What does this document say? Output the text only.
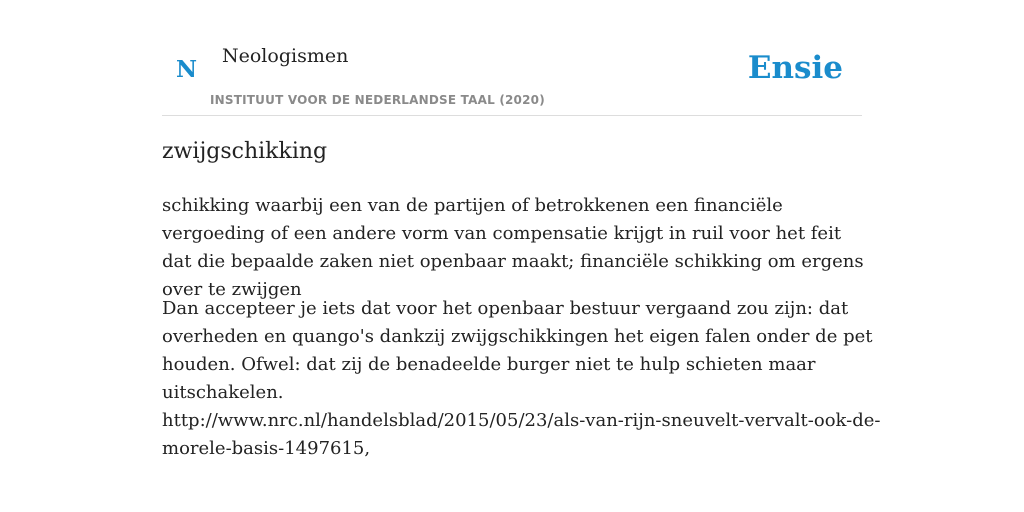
N Neologismen
INSTITUUT VOOR DE NEDERLANDSE TAAL (2020)
Ensie
zwijgschikking

schikking waarbij een van de partijen of betrokkenen een financiële vergoeding of een andere vorm van compensatie krijgt in ruil voor het feit dat die bepaalde zaken niet openbaar maakt; financiële schikking om ergens over te zwijgen

Dan accepteer je iets dat voor het openbaar bestuur vergaand zou zijn: dat
overheden en quango's dankzij zwijgschikkingen het eigen falen onder de pet
houden. Ofwel: dat zij de benadeelde burger niet te hulp schieten maar
uitschakelen.
http://www.nrc.nl/handelsblad/2015/05/23/als-van-rijn-sneuvelt-vervalt-ook-de-
morele-basis-1497615,
